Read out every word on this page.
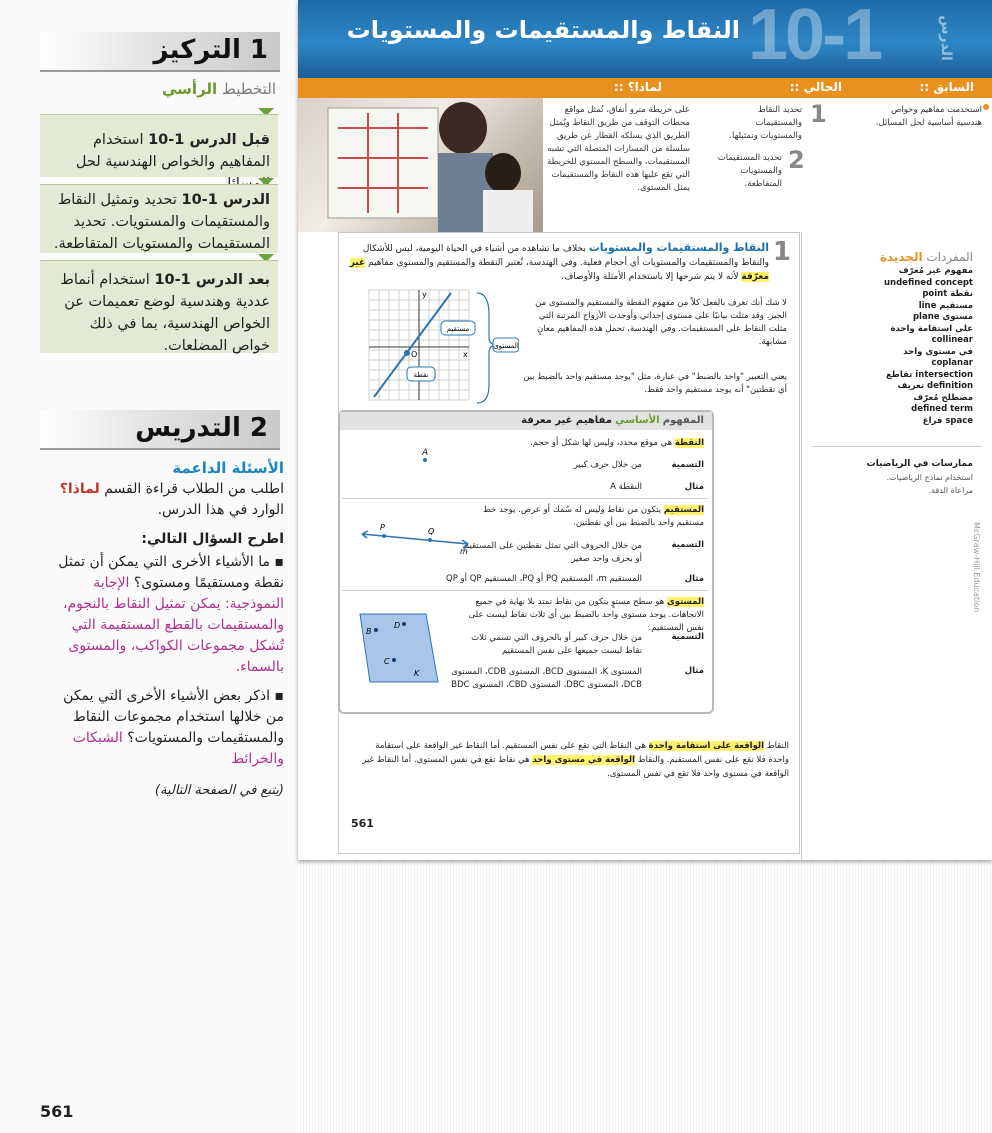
1 التركيز
التخطيط الرأسي

قبل الدرس 1-10 استخدام المفاهيم والخواص الهندسية لحل

الدرس 1-10 تحديد وتمثيل النقاط والمستقيمات والمستويات. تحديد المستقيمات والمستويات المتقاطعة.

بعد الدرس 1-10 استخدام أنماط عددية وهندسية لوضع تعميمات عن الخواص الهندسية، بما في ذلك خواص المضلعات.

2 التدريس
الأسئلة الداعمة
اطلب من الطلاب قراءة القسم لماذا؟ الوارد في هذا الدرس.
اطرح السؤال التالي:
▪ ما الأشياء الأخرى التي يمكن أن تمثل نقطة ومستقيمًا ومستوى؟ الإجابة النموذجية: يمكن تمثيل النقاط بالنجوم، والمستقيمات بالقطع المستقيمة التي تُشكل مجموعات الكواكب، والمستوى بالسماء.
▪ اذكر بعض الأشياء الأخرى التي يمكن من خلالها استخدام مجموعات النقاط والمستقيمات والمستويات؟ الشبكات والخرائط
(يتبع في الصفحة التالية)
561
10-1	الدرس
النقاط والمستقيمات والمستويات
:: السابق
:: الحالي
:: لماذا؟
استخدمت مفاهيم وخواص هندسية أساسية لحل المسائل.
1
تحديد النقاط والمستقيمات والمستويات وتمثيلها.
2
تحديد المستقيمات والمستويات المتقاطعة.
على خريطة مترو أنفاق، تُمثل مواقع محطات التوقف من طريق النقاط ويُمثل الطريق الذي يسلكه القطار عن طريق سلسلة من المسارات المتصلة التي تشبه المستقيمات، والسطح المستوي للخريطة التي تقع عليها هذه النقاط والمستقيمات يمثل المستوى.
1
النقاط والمستقيمات والمستويات بخلاف ما تشاهده من أشياء في الحياة اليومية، ليس للأشكال والنقاط والمستقيمات والمستويات أي أحجام فعلية. وفي الهندسة، تُعتبر النقطة والمستقيم والمستوى مفاهيم غير معرّفة لأنه لا يتم شرحها إلا باستخدام الأمثلة والأوصاف.
y
x
O
مستقيم
نقطة
المستوى
لا شك أنك تعرف بالفعل كلاً من مفهوم النقطة والمستقيم والمستوى من الجبر. وقد مثلت بيانيًا على مستوى إحداثي وأوجدت الأزواج المرتبة التي مثلت النقاط على المستقيمات. وفي الهندسة، تحمل هذه المفاهيم معانٍ مشابهة.
يعني التعبير "واحد بالضبط" في عبارة، مثل "يوجد مستقيم واحد بالضبط بين أي نقطتين" أنه يوجد مستقيم واحد فقط.
النقاط الواقعة على استقامة واحدة هي النقاط التي تقع على نفس المستقيم. أما النقاط غير الواقعة على استقامة واحدة فلا تقع على نفس المستقيم. والنقاط الواقعة في مستوى واحد هي نقاط تقع في نفس المستوى. أما النقاط غير الواقعة في مستوى واحد فلا تقع في نفس المستوى.
561
المفهوم الأساسي مفاهيم غير معرفة
النقطة هي موقع محدد، وليس لها شكل أو حجم.
A
التسمية
من خلال حرف كبير
مثال
النقطة A
المستقيم يتكون من نقاط وليس له سُمك أو عرض. يوجد خط مستقيم واحد بالضبط بين أي نقطتين.
P	Q
m
التسمية
من خلال الحروف التي تمثل نقطتين على المستقيم أو بحرف واحد صغير
مثال
المستقيم m، المستقيم PQ أو PQ، المستقيم QP أو QP
المستوى هو سطح مستوٍ يتكون من نقاط تمتد بلا نهاية في جميع الاتجاهات. يوجد مستوى واحد بالضبط بين أي ثلاث نقاط ليست على نفس المستقيم.
B
D
C
K
التسمية
من خلال حرف كبير أو بالحروف التي تسمي ثلاث نقاط ليست جميعها على نفس المستقيم
مثال
المستوى K، المستوى BCD، المستوى CDB، المستوى DCB، المستوى DBC، المستوى CBD، المستوى BDC
المفردات الجديدة
مفهوم غير مُعرّف
undefined concept
نقطة point
مستقيم line
مستوى plane
على استقامة واحدة
collinear
في مستوى واحد
coplanar
intersection تقاطع
definition تعريف
مصطلح مُعرّف
defined term
space فراغ
ممارسات في الرياضيات
استخدام نماذج الرياضيات.
مراعاة الدقة.
McGraw-Hill Education
